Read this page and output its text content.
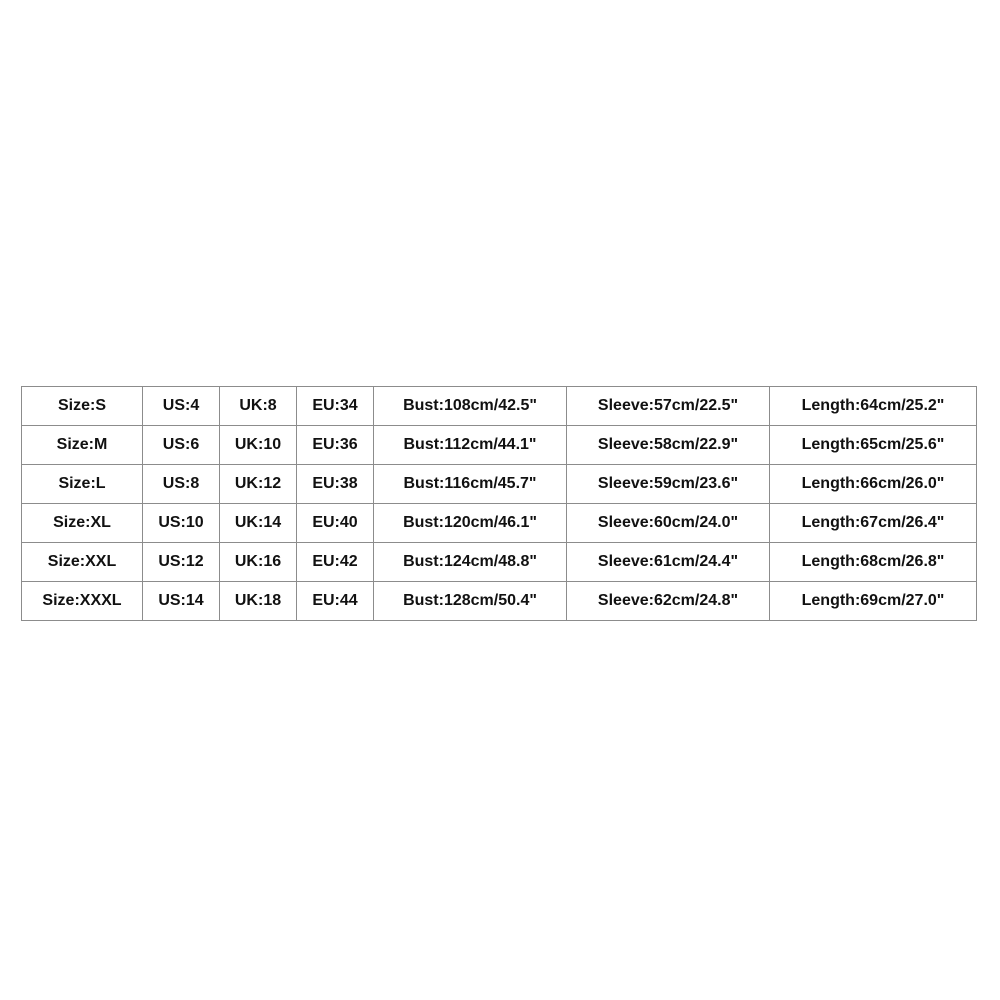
Size:S	US:4	UK:8	EU:34	Bust:108cm/42.5"	Sleeve:57cm/22.5"	Length:64cm/25.2"
Size:M	US:6	UK:10	EU:36	Bust:112cm/44.1"	Sleeve:58cm/22.9"	Length:65cm/25.6"
Size:L	US:8	UK:12	EU:38	Bust:116cm/45.7"	Sleeve:59cm/23.6"	Length:66cm/26.0"
Size:XL	US:10	UK:14	EU:40	Bust:120cm/46.1"	Sleeve:60cm/24.0"	Length:67cm/26.4"
Size:XXL	US:12	UK:16	EU:42	Bust:124cm/48.8"	Sleeve:61cm/24.4"	Length:68cm/26.8"
Size:XXXL	US:14	UK:18	EU:44	Bust:128cm/50.4"	Sleeve:62cm/24.8"	Length:69cm/27.0"
